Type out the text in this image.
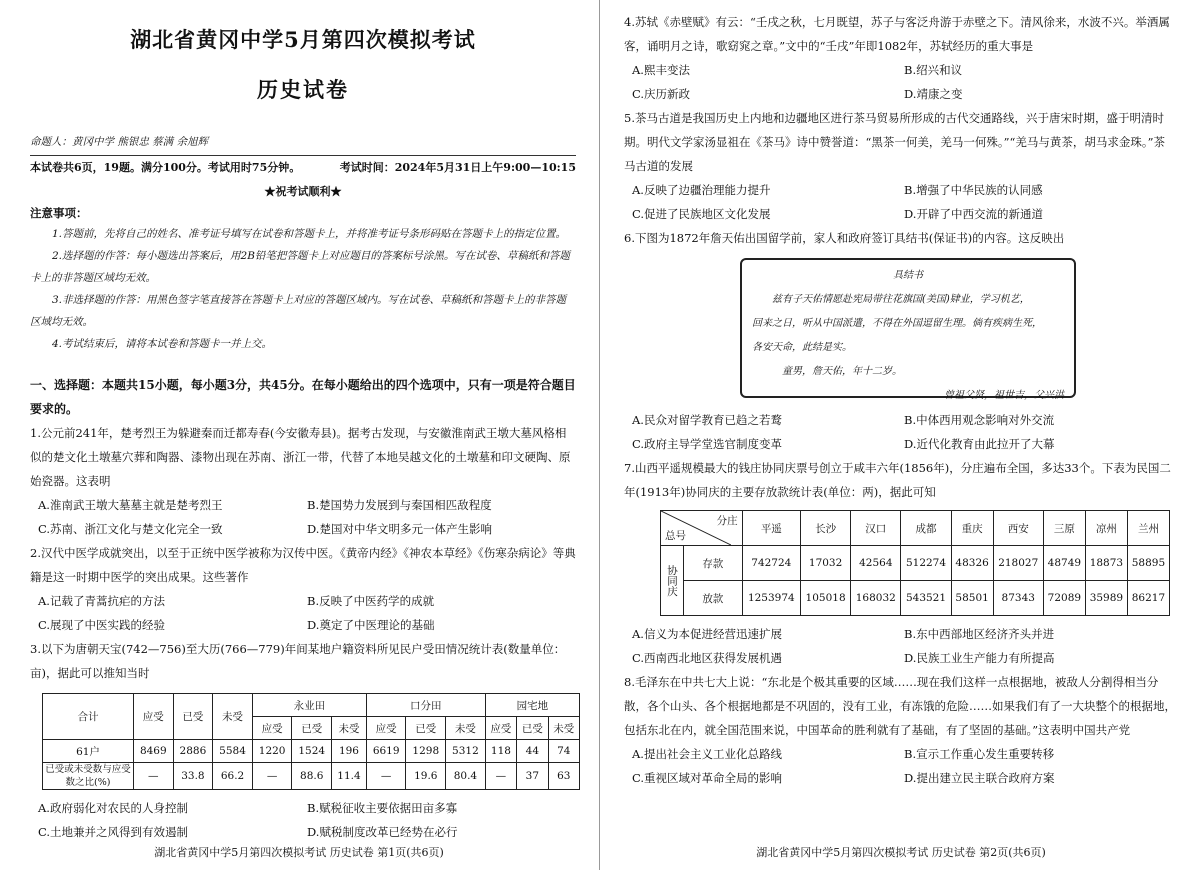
湖北省黄冈中学5月第四次模拟考试
历史试卷
命题人：黄冈中学 熊银忠 蔡满 余旭辉
本试卷共6页，19题。满分100分。考试用时75分钟。	考试时间：2024年5月31日上午9:00—10:15
★祝考试顺利★
注意事项：

1.答题前，先将自己的姓名、准考证号填写在试卷和答题卡上，并将准考证号条形码贴在答题卡上的指定位置。

2.选择题的作答：每小题选出答案后，用2B铅笔把答题卡上对应题目的答案标号涂黑。写在试卷、草稿纸和答题卡上的非答题区域均无效。

3.非选择题的作答：用黑色签字笔直接答在答题卡上对应的答题区域内。写在试卷、草稿纸和答题卡上的非答题区域均无效。

4.考试结束后，请将本试卷和答题卡一并上交。

一、选择题：本题共15小题，每小题3分，共45分。在每小题给出的四个选项中，只有一项是符合题目要求的。

1.公元前241年，楚考烈王为躲避秦而迁都寿春(今安徽寿县)。据考古发现，与安徽淮南武王墩大墓风格相似的楚文化土墩墓穴葬和陶器、漆物出现在苏南、浙江一带，代替了本地吴越文化的土墩墓和印文硬陶、原始瓷器。这表明

A.淮南武王墩大墓墓主就是楚考烈王	B.楚国势力发展到与秦国相匹敌程度
C.苏南、浙江文化与楚文化完全一致	D.楚国对中华文明多元一体产生影响

2.汉代中医学成就突出，以至于正统中医学被称为汉传中医。《黄帝内经》《神农本草经》《伤寒杂病论》等典籍是这一时期中医学的突出成果。这些著作

A.记载了青蒿抗疟的方法	B.反映了中医药学的成就
C.展现了中医实践的经验	D.奠定了中医理论的基础

3.以下为唐朝天宝(742—756)至大历(766—779)年间某地户籍资料所见民户受田情况统计表(数量单位：亩)，据此可以推知当时

合计	应受	已受	未受	永业田			口分田			园宅地		
				应受	已受	未受	应受	已受	未受	应受	已受	未受
61户	8469	2886	5584	1220	1524	196	6619	1298	5312	118	44	74
已受或未受数与应受数之比(%)	—	33.8	66.2	—	88.6	11.4	—	19.6	80.4	—	37	63
A.政府弱化对农民的人身控制	B.赋税征收主要依据田亩多寡
C.土地兼并之风得到有效遏制	D.赋税制度改革已经势在必行
湖北省黄冈中学5月第四次模拟考试 历史试卷 第1页(共6页)

4.苏轼《赤壁赋》有云：“壬戌之秋，七月既望，苏子与客泛舟游于赤壁之下。清风徐来，水波不兴。举酒属客，诵明月之诗，歌窈窕之章。”文中的“壬戌”年即1082年，苏轼经历的重大事是

A.熙丰变法	B.绍兴和议
C.庆历新政	D.靖康之变

5.茶马古道是我国历史上内地和边疆地区进行茶马贸易所形成的古代交通路线，兴于唐宋时期，盛于明清时期。明代文学家汤显祖在《茶马》诗中赞誉道：“黑茶一何美，羌马一何殊。”“羌马与黄茶，胡马求金珠。”茶马古道的发展

A.反映了边疆治理能力提升	B.增强了中华民族的认同感
C.促进了民族地区文化发展	D.开辟了中西交流的新通道

6.下图为1872年詹天佑出国留学前，家人和政府签订具结书(保证书)的内容。这反映出

具结书

兹有子天佑情愿赴宪局带往花旗国(美国)肄业，学习机艺，

回来之日，听从中国派遣，不得在外国逗留生理。倘有疾病生死，

各安天命，此结是实。

童男，詹天佑，年十二岁。

曾祖父贤，祖世吉，父兴洪

A.民众对留学教育已趋之若鹜	B.中体西用观念影响对外交流
C.政府主导学堂选官制度变革	D.近代化教育由此拉开了大幕

7.山西平遥规模最大的钱庄协同庆票号创立于咸丰六年(1856年)，分庄遍布全国，多达33个。下表为民国二年(1913年)协同庆的主要存放款统计表(单位：两)，据此可知

分庄
总号		平遥	长沙	汉口	成都	重庆	西安	三原	凉州	兰州
协同庆	存款	742724	17032	42564	512274	48326	218027	48749	18873	58895
	放款	1253974	105018	168032	543521	58501	87343	72089	35989	86217
A.信义为本促进经营迅速扩展	B.东中西部地区经济齐头并进
C.西南西北地区获得发展机遇	D.民族工业生产能力有所提高

8.毛泽东在中共七大上说：“东北是个极其重要的区域……现在我们这样一点根据地，被敌人分割得相当分散，各个山头、各个根据地都是不巩固的，没有工业，有冻饿的危险……如果我们有了一大块整个的根据地，包括东北在内，就全国范围来说，中国革命的胜利就有了基础，有了坚固的基础。”这表明中国共产党

A.提出社会主义工业化总路线	B.宣示工作重心发生重要转移
C.重视区域对革命全局的影响	D.提出建立民主联合政府方案
湖北省黄冈中学5月第四次模拟考试 历史试卷 第2页(共6页)
